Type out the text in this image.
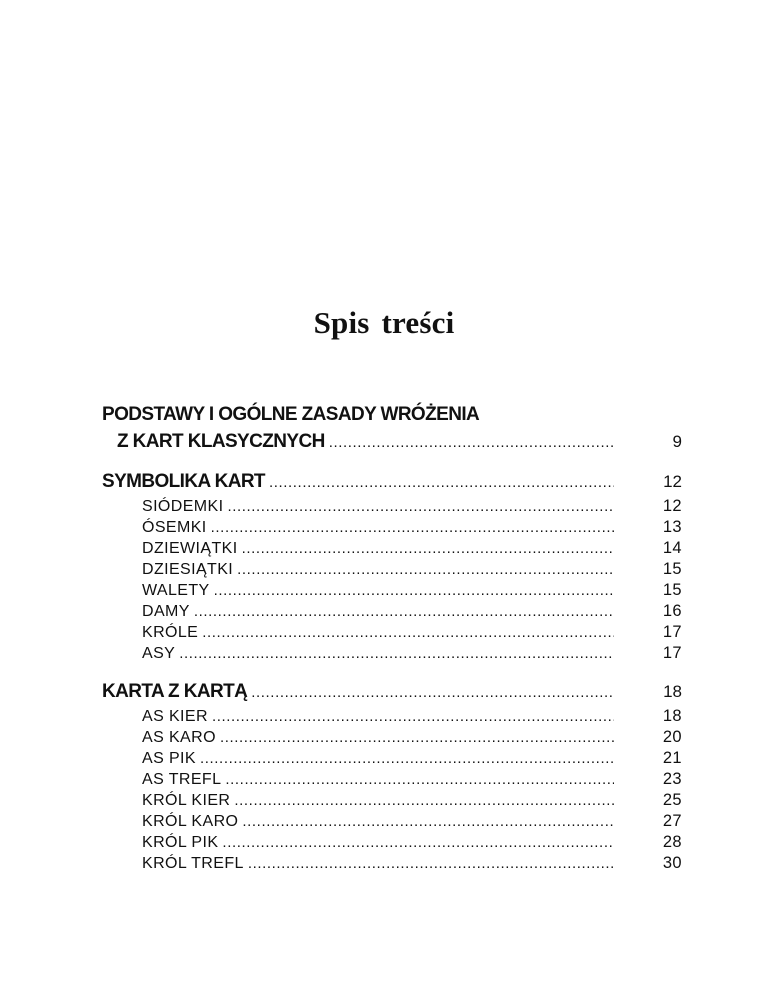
Spis treści
PODSTAWY I OGÓLNE ZASADY WRÓŻENIA
Z KART KLASYCZNYCH .....	9
SYMBOLIKA KART .....	12
SIÓDEMKI .....	12
ÓSEMKI .....	13
DZIEWIĄTKI .....	14
DZIESIĄTKI .....	15
WALETY .....	15
DAMY .....	16
KRÓLE .....	17
ASY .....	17
KARTA Z KARTĄ .....	18
AS KIER .....	18
AS KARO .....	20
AS PIK .....	21
AS TREFL .....	23
KRÓL KIER .....	25
KRÓL KARO .....	27
KRÓL PIK .....	28
KRÓL TREFL .....	30
